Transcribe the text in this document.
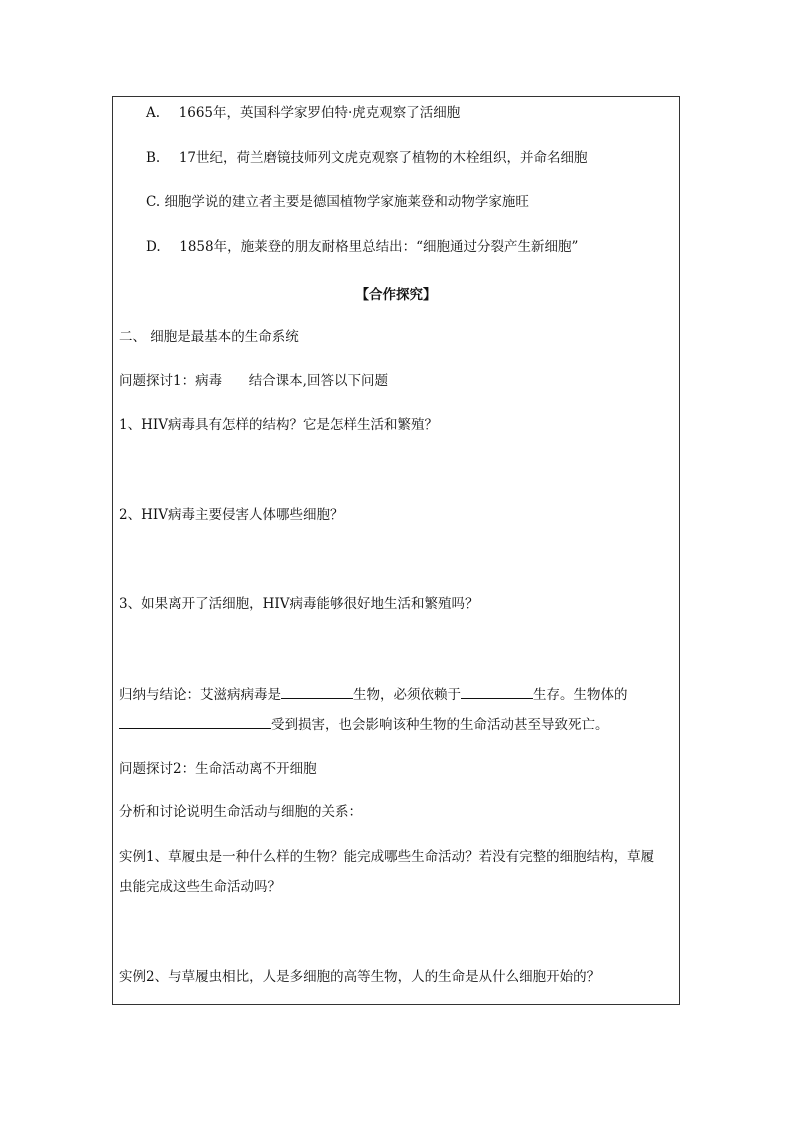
A. 1665年，英国科学家罗伯特·虎克观察了活细胞
B. 17世纪，荷兰磨镜技师列文虎克观察了植物的木栓组织，并命名细胞
C. 细胞学说的建立者主要是德国植物学家施莱登和动物学家施旺
D. 1858年，施莱登的朋友耐格里总结出：“细胞通过分裂产生新细胞”
【合作探究】
二、 细胞是最基本的生命系统
问题探讨1：病毒 结合课本,回答以下问题
1、HIV病毒具有怎样的结构？它是怎样生活和繁殖？
2、HIV病毒主要侵害人体哪些细胞？
3、如果离开了活细胞，HIV病毒能够很好地生活和繁殖吗？
归纳与结论：艾滋病病毒是	生物，必须依赖于	生存。生物体的
受到损害，也会影响该种生物的生命活动甚至导致死亡。
问题探讨2：生命活动离不开细胞
分析和讨论说明生命活动与细胞的关系：
实例1、草履虫是一种什么样的生物？能完成哪些生命活动？若没有完整的细胞结构，草履
虫能完成这些生命活动吗？
实例2、与草履虫相比，人是多细胞的高等生物，人的生命是从什么细胞开始的？
